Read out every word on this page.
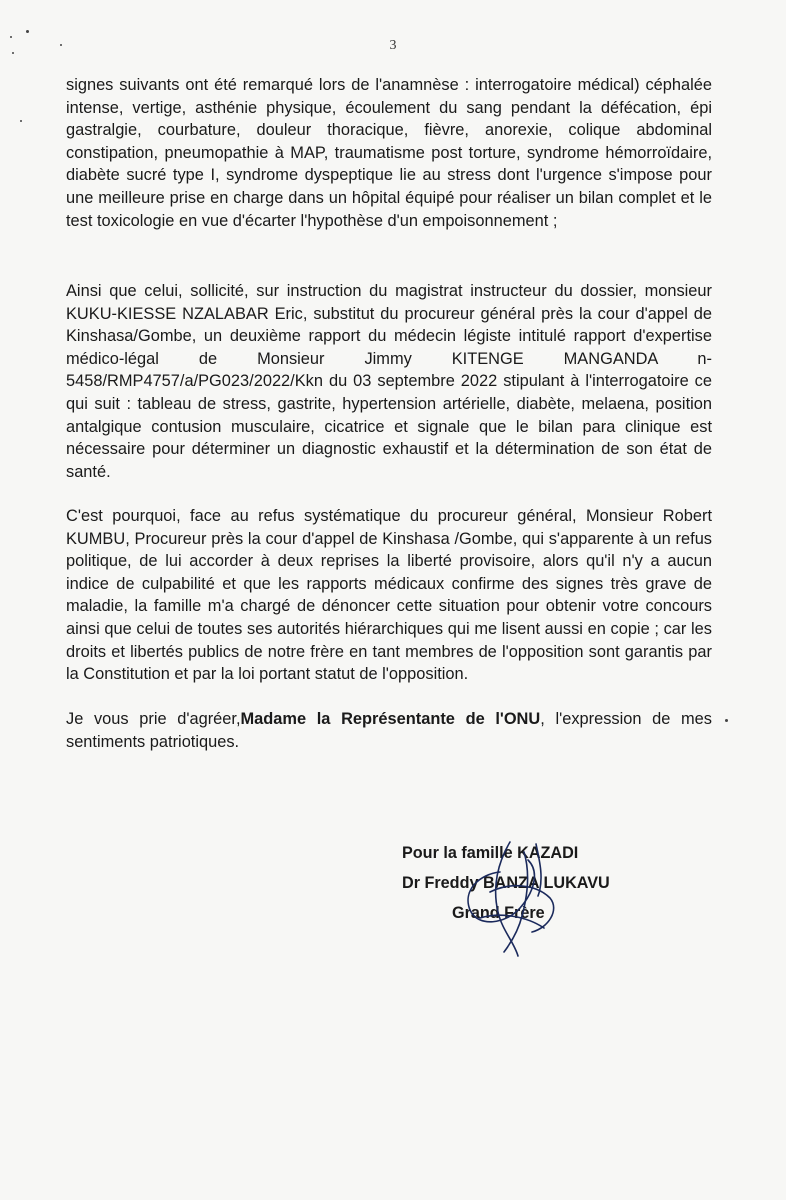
3

signes suivants ont été remarqué lors de l'anamnèse : interrogatoire médical) céphalée intense, vertige, asthénie physique, écoulement du sang pendant la défécation, épi gastralgie, courbature, douleur thoracique, fièvre, anorexie, colique abdominal constipation, pneumopathie à MAP, traumatisme post torture, syndrome hémorroïdaire, diabète sucré type I, syndrome dyspeptique lie au stress dont l'urgence s'impose pour une meilleure prise en charge dans un hôpital équipé pour réaliser un bilan complet et le test toxicologie en vue d'écarter l'hypothèse d'un empoisonnement ;

Ainsi que celui, sollicité, sur instruction du magistrat instructeur du dossier, monsieur KUKU-KIESSE NZALABAR Eric, substitut du procureur général près la cour d'appel de Kinshasa/Gombe, un deuxième rapport du médecin légiste intitulé rapport d'expertise médico-légal de Monsieur Jimmy KITENGE MANGANDA n-5458/RMP4757/a/PG023/2022/Kkn du 03 septembre 2022 stipulant à l'interrogatoire ce qui suit : tableau de stress, gastrite, hypertension artérielle, diabète, melaena, position antalgique contusion musculaire, cicatrice et signale que le bilan para clinique est nécessaire pour déterminer un diagnostic exhaustif et la détermination de son état de santé.

C'est pourquoi, face au refus systématique du procureur général, Monsieur Robert KUMBU, Procureur près la cour d'appel de Kinshasa /Gombe, qui s'apparente à un refus politique, de lui accorder à deux reprises la liberté provisoire, alors qu'il n'y a aucun indice de culpabilité et que les rapports médicaux confirme des signes très grave de maladie, la famille m'a chargé de dénoncer cette situation pour obtenir votre concours ainsi que celui de toutes ses autorités hiérarchiques qui me lisent aussi en copie ; car les droits et libertés publics de notre frère en tant membres de l'opposition sont garantis par la Constitution et par la loi portant statut de l'opposition.

Je vous prie d'agréer,Madame la Représentante de l'ONU, l'expression de mes sentiments patriotiques.

Pour la famille KAZADI
Dr Freddy BANZA LUKAVU
Grand Frère
